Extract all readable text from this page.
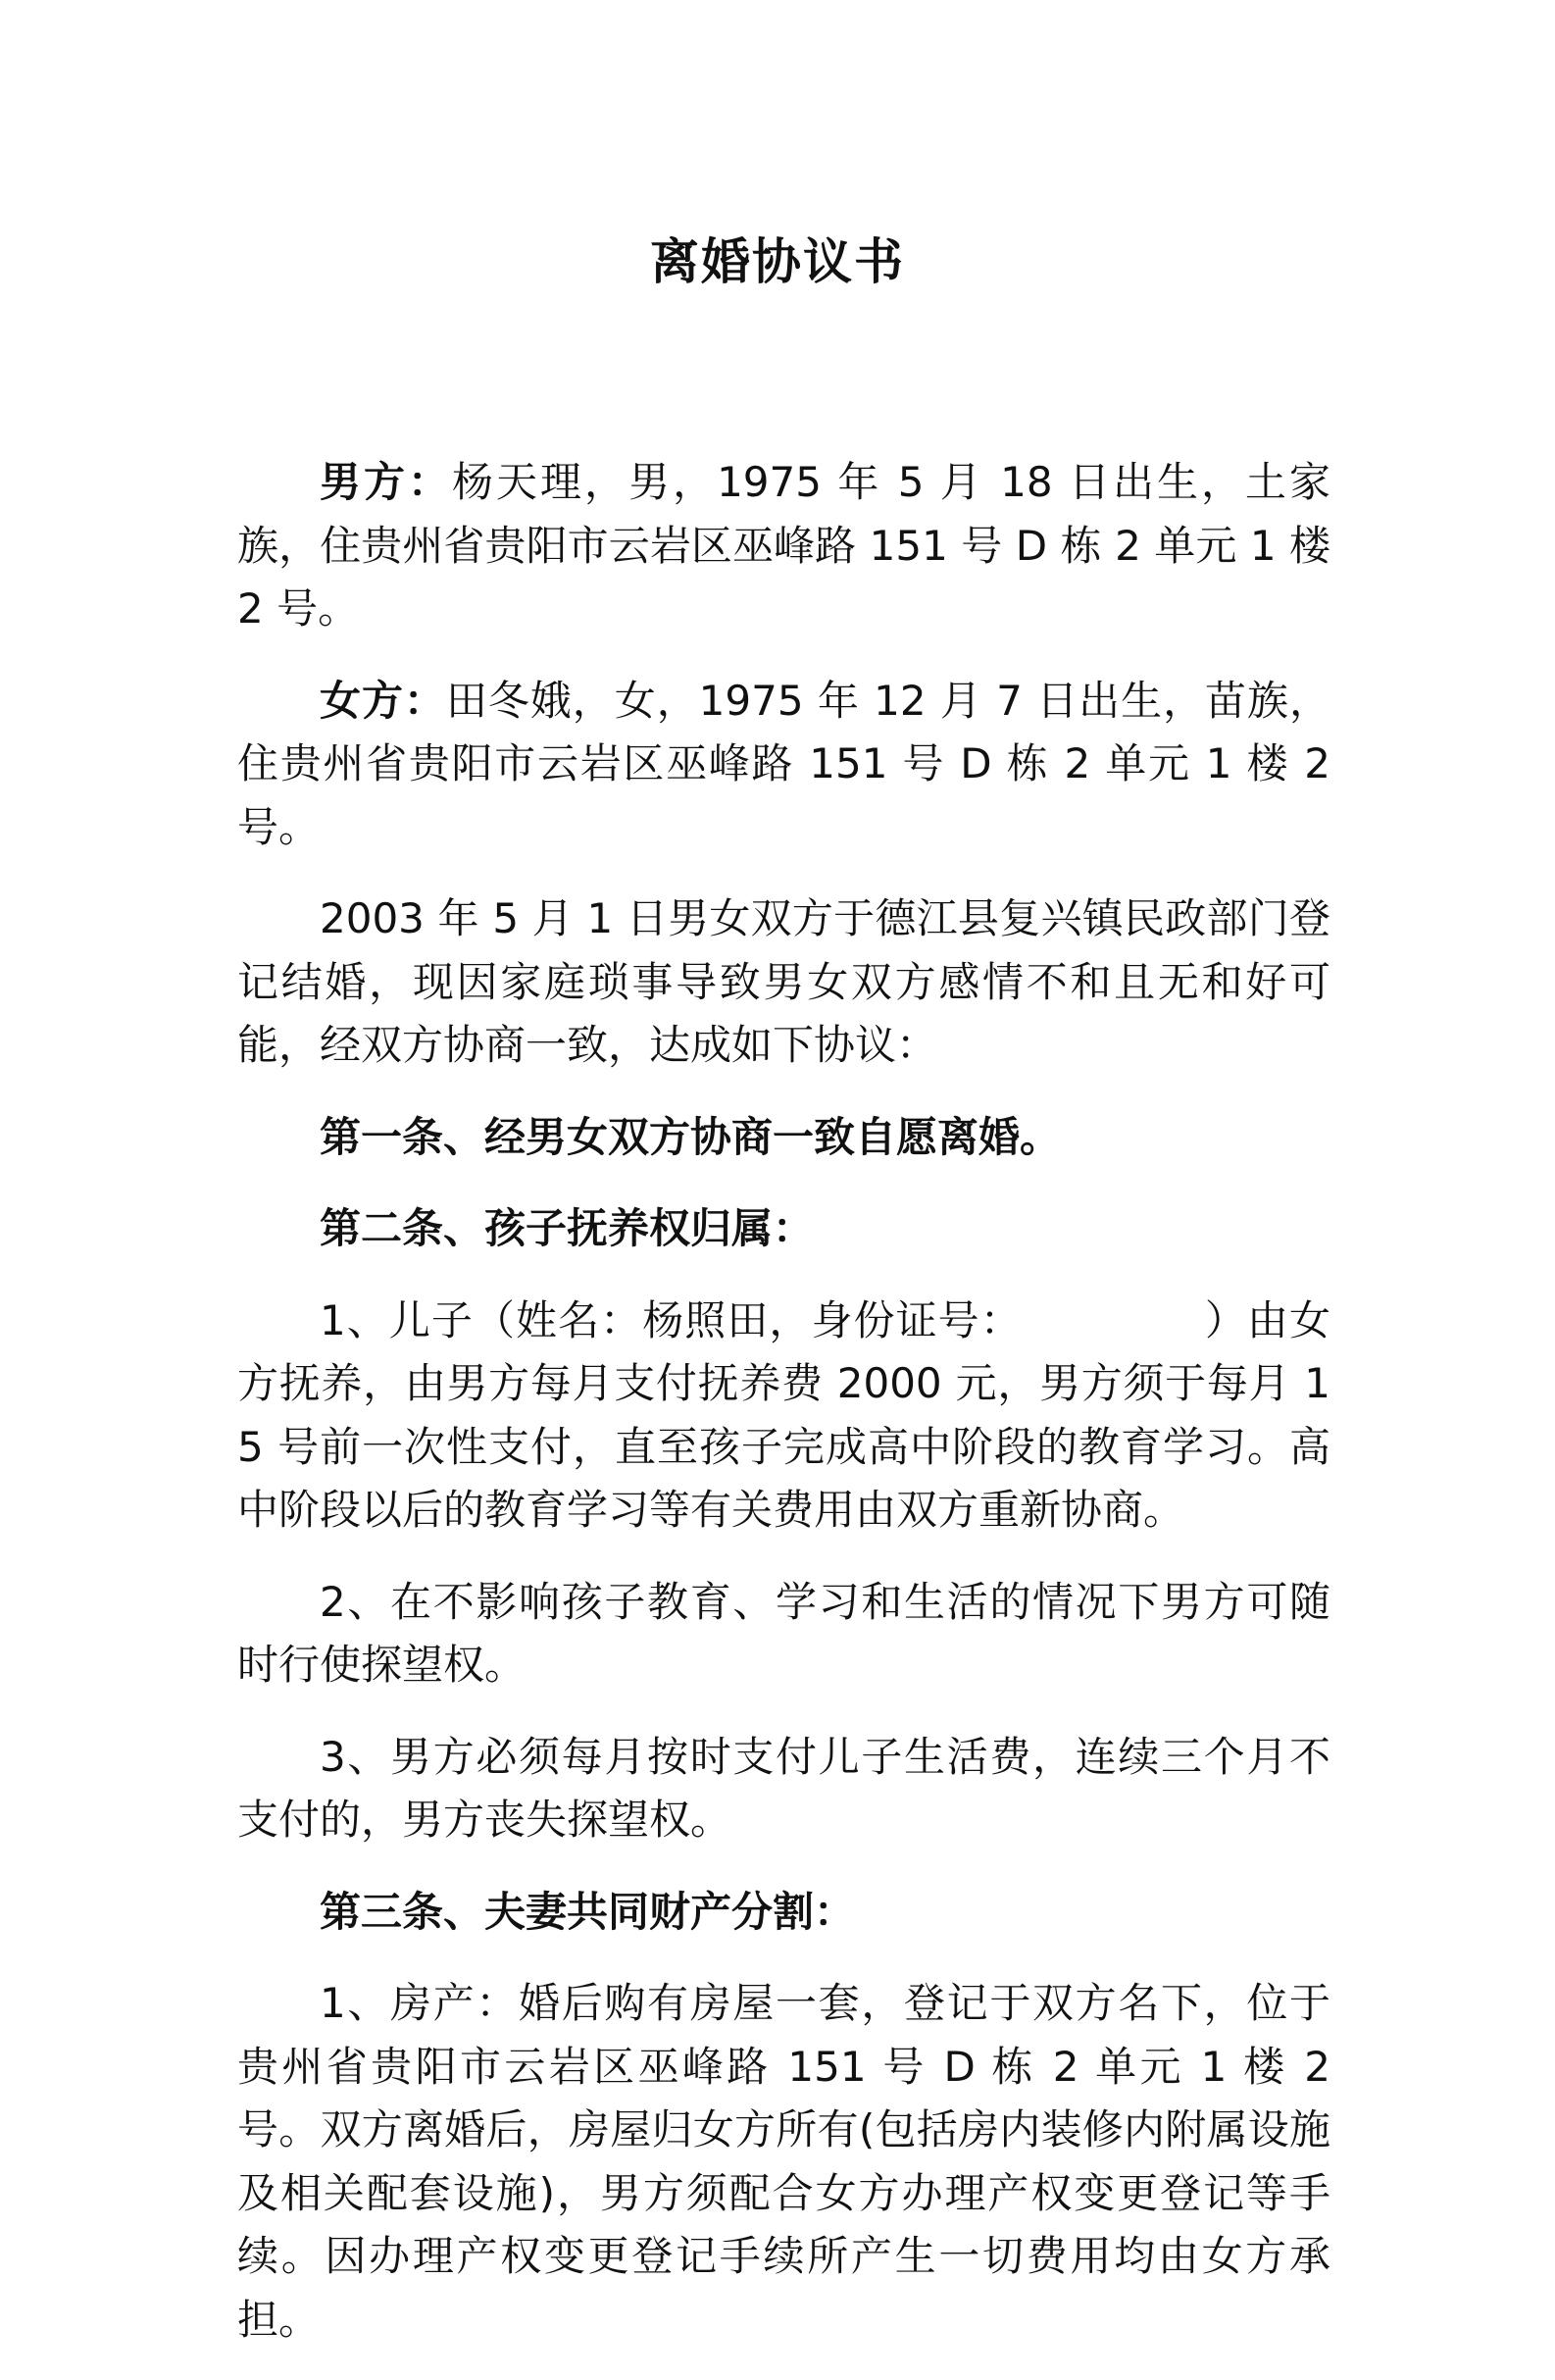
离婚协议书

男方：杨天理，男，1975 年 5 月 18 日出生，土家族，住贵州省贵阳市云岩区巫峰路 151 号 D 栋 2 单元 1 楼 2 号。

女方：田冬娥，女，1975 年 12 月 7 日出生，苗族，住贵州省贵阳市云岩区巫峰路 151 号 D 栋 2 单元 1 楼 2 号。

2003 年 5 月 1 日男女双方于德江县复兴镇民政部门登记结婚，现因家庭琐事导致男女双方感情不和且无和好可能，经双方协商一致，达成如下协议：

第一条、经男女双方协商一致自愿离婚。

第二条、孩子抚养权归属：

1、儿子（姓名：杨照田，身份证号：	）由女方抚养，由男方每月支付抚养费 2000 元，男方须于每月 15 号前一次性支付，直至孩子完成高中阶段的教育学习。高中阶段以后的教育学习等有关费用由双方重新协商。

2、在不影响孩子教育、学习和生活的情况下男方可随时行使探望权。

3、男方必须每月按时支付儿子生活费，连续三个月不支付的，男方丧失探望权。

第三条、夫妻共同财产分割：

1、房产：婚后购有房屋一套，登记于双方名下，位于贵州省贵阳市云岩区巫峰路 151 号 D 栋 2 单元 1 楼 2 号。双方离婚后，房屋归女方所有(包括房内装修内附属设施及相关配套设施)，男方须配合女方办理产权变更登记等手续。因办理产权变更登记手续所产生一切费用均由女方承担。
